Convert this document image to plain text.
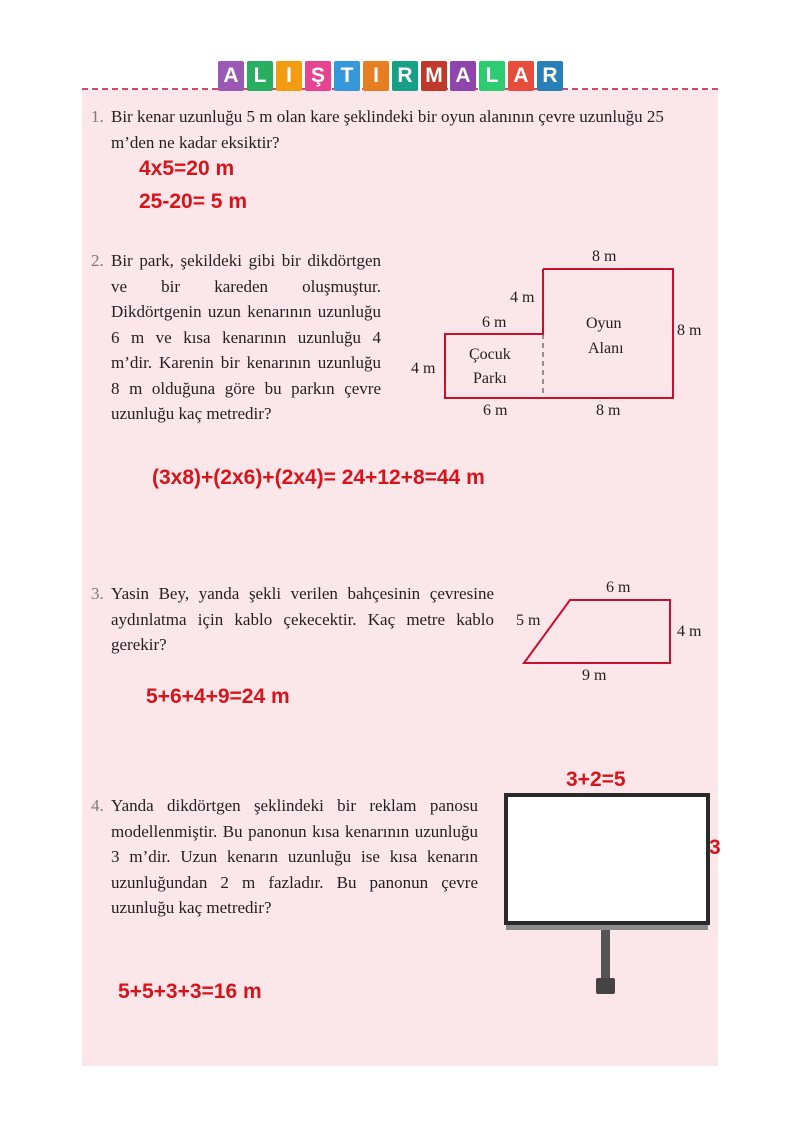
A L I Ş T I R M A L A R
1. Bir kenar uzunluğu 5 m olan kare şeklindeki bir oyun alanının çevre uzunluğu 25 m’den ne kadar eksiktir?
4x5=20 m
25-20= 5 m
2. Bir park, şekildeki gibi bir dikdörtgen ve bir kareden oluşmuştur. Dikdörtgenin uzun kenarının uzunluğu 6 m ve kısa kenarının uzunluğu 4 m’dir. Karenin bir kenarının uzunluğu 8 m olduğuna göre bu parkın çevre uzunluğu kaç metredir?
8 m
4 m
6 m	8 m
4 m
6 m	8 m
Çocuk
Parkı
Oyun
Alanı
(3x8)+(2x6)+(2x4)= 24+12+8=44 m
3. Yasin Bey, yanda şekli verilen bahçesinin çevresine aydınlatma için kablo çekecektir. Kaç metre kablo gerekir?
6 m
5 m
4 m
9 m
5+6+4+9=24 m
4. Yanda dikdörtgen şeklindeki bir reklam panosu modellenmiştir. Bu panonun kısa kenarının uzunluğu 3 m’dir. Uzun kenarın uzunluğu ise kısa kenarın uzunluğundan 2 m fazladır. Bu panonun çevre uzunluğu kaç metredir?
3+2=5
3
5+5+3+3=16 m
